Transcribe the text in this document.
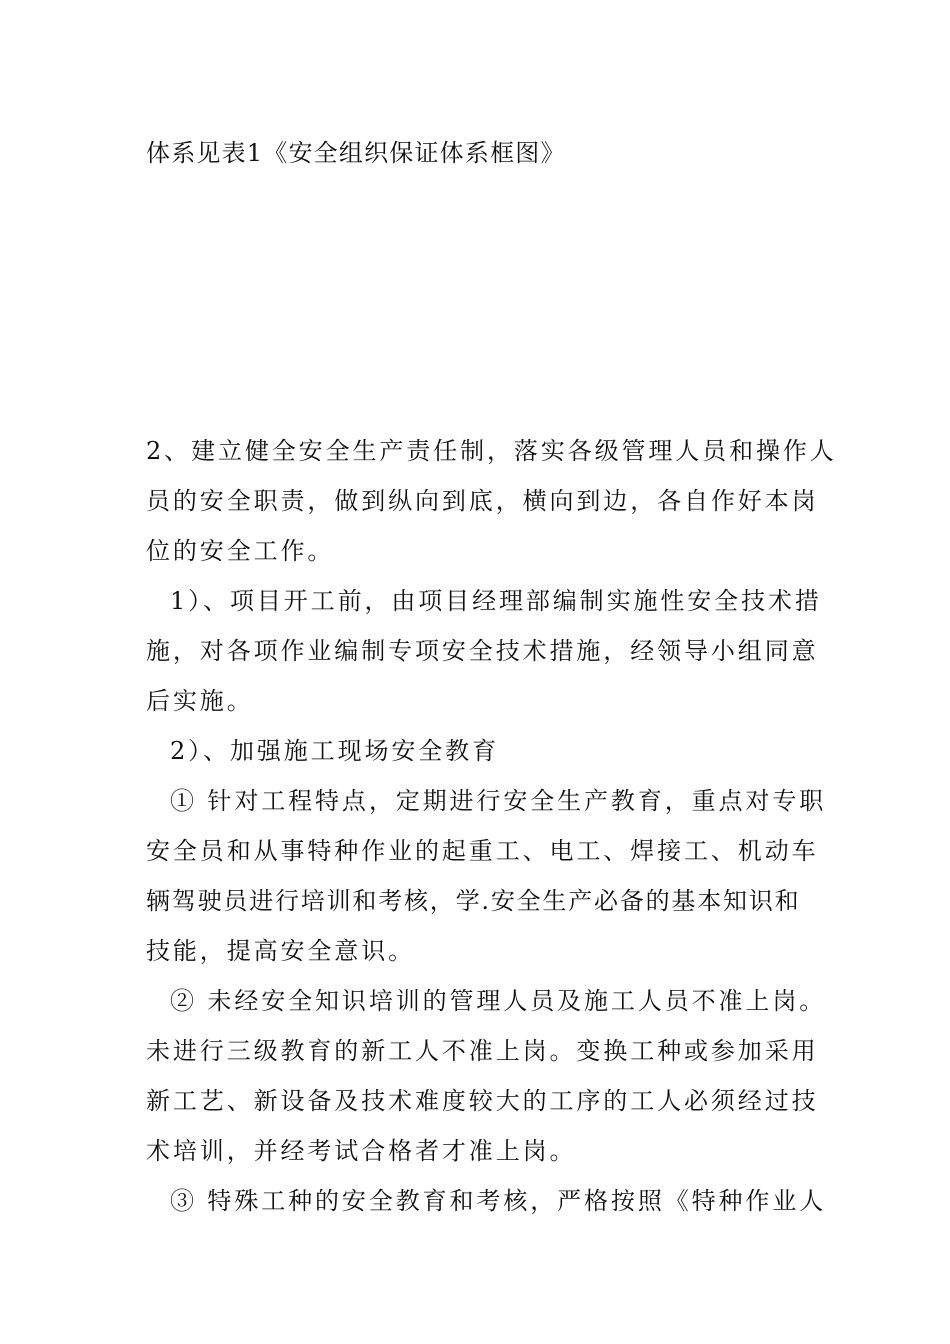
体系见表1《安全组织保证体系框图》
2、建立健全安全生产责任制，落实各级管理人员和操作人
员的安全职责，做到纵向到底，横向到边，各自作好本岗
位的安全工作。
1）、项目开工前，由项目经理部编制实施性安全技术措
施，对各项作业编制专项安全技术措施，经领导小组同意
后实施。
2）、加强施工现场安全教育
① 针对工程特点，定期进行安全生产教育，重点对专职
安全员和从事特种作业的起重工、电工、焊接工、机动车
辆驾驶员进行培训和考核，学.安全生产必备的基本知识和
技能，提高安全意识。
② 未经安全知识培训的管理人员及施工人员不准上岗。
未进行三级教育的新工人不准上岗。变换工种或参加采用
新工艺、新设备及技术难度较大的工序的工人必须经过技
术培训，并经考试合格者才准上岗。
③ 特殊工种的安全教育和考核，严格按照《特种作业人
